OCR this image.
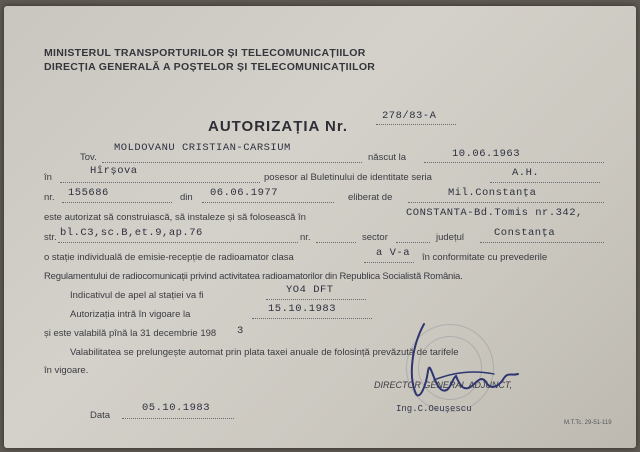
MINISTERUL TRANSPORTURILOR ȘI TELECOMUNICAȚIILOR
DIRECȚIA GENERALĂ A POȘTELOR ȘI TELECOMUNICAȚIILOR
AUTORIZAȚIA Nr.
278/83-A
Tov.
MOLDOVANU CRISTIAN-CARSIUM
născut la	10.06.1963
în
Hîrșova
posesor al Buletinului de identitate seria	A.H.
nr. 155686	din 06.06.1977	eliberat de	Mil.Constanța
este autorizat să construiască, să instaleze și să folosească în	CONSTANTA-Bd.Tomis nr.342,
str. bl.C3,sc.B,et.9,ap.76	nr.	sector	județul	Constanța
o stație individuală de emisie-recepție de radioamator clasa	a V-a în conformitate cu prevederile
Regulamentului de radiocomunicații privind activitatea radioamatorilor din Republica Socialistă România.
Indicativul de apel al stației va fi	YO4 DFT
Autorizația intră în vigoare la	15.10.1983
și este valabilă pînă la 31 decembrie 198 3
Valabilitatea se prelungește automat prin plata taxei anuale de folosință prevăzută de tarifele
în vigoare.
Data
05.10.1983
DIRECTOR GENERAL ADJUNCT,
Ing.C.Oeușescu
M.T.Tc. 29-51-119
